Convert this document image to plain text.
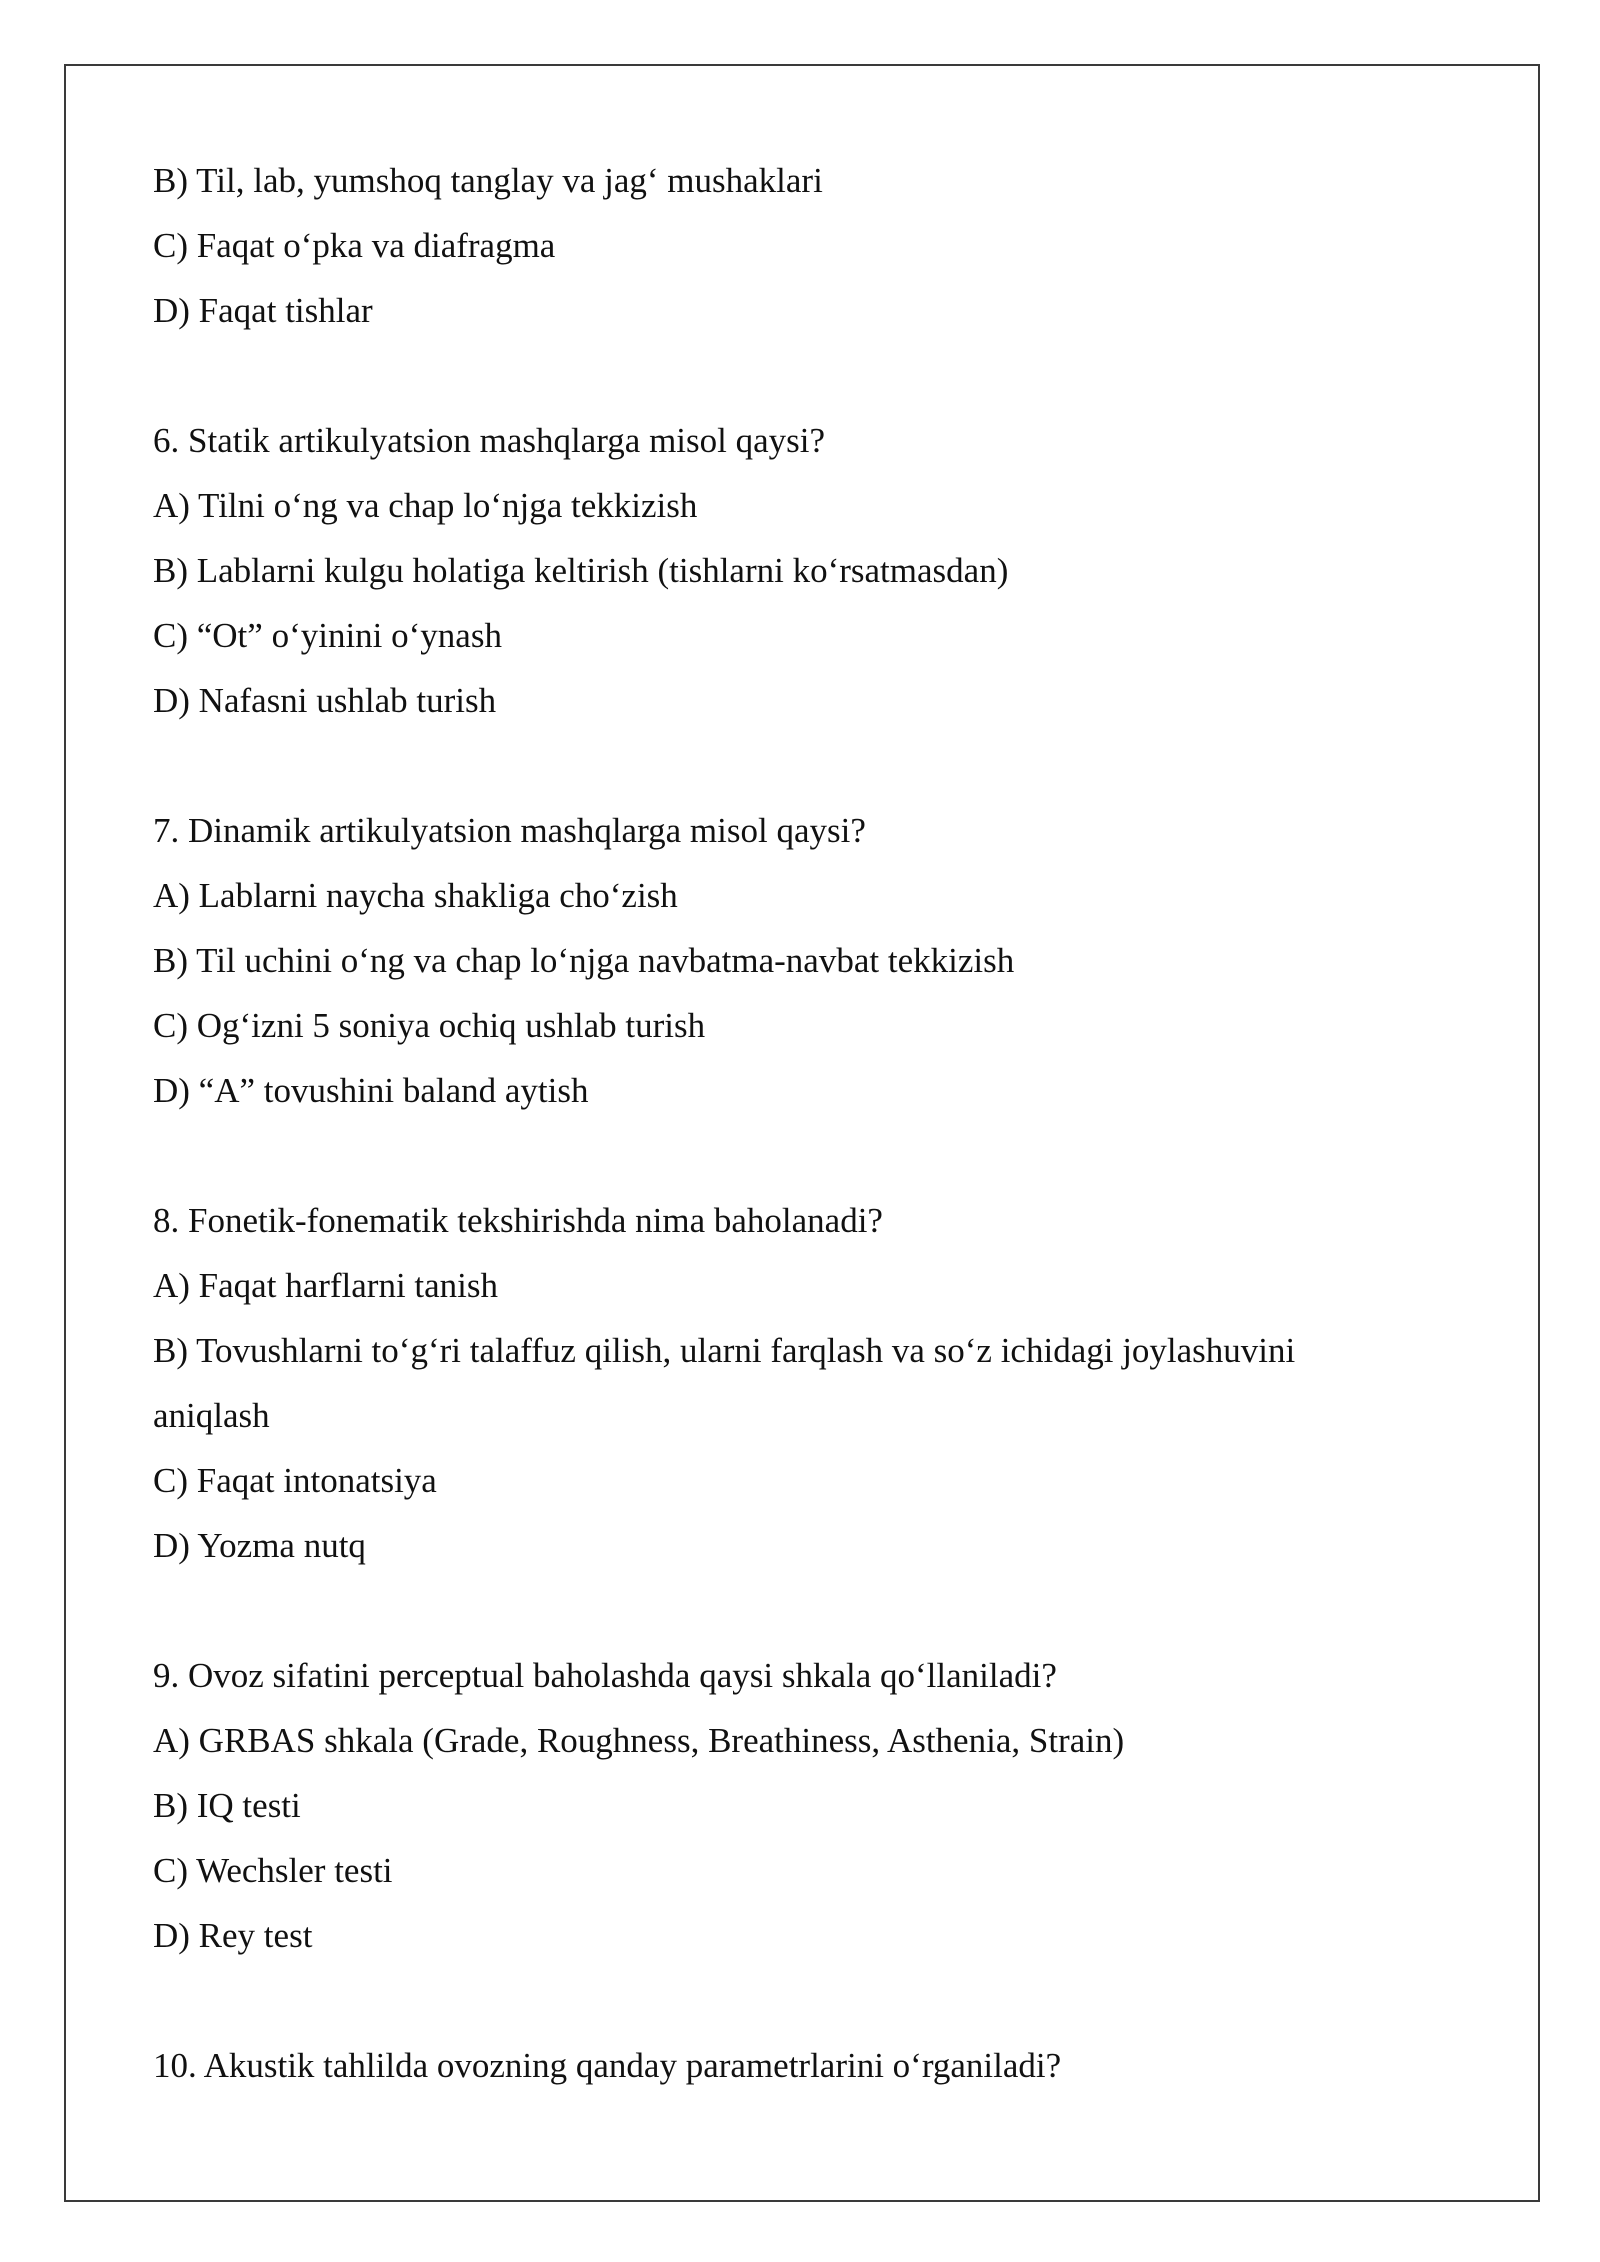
B) Til, lab, yumshoq tanglay va jag‘ mushaklari
C) Faqat o‘pka va diafragma
D) Faqat tishlar
6. Statik artikulyatsion mashqlarga misol qaysi?
A) Tilni o‘ng va chap lo‘njga tekkizish
B) Lablarni kulgu holatiga keltirish (tishlarni ko‘rsatmasdan)
C) “Ot” o‘yinini o‘ynash
D) Nafasni ushlab turish
7. Dinamik artikulyatsion mashqlarga misol qaysi?
A) Lablarni naycha shakliga cho‘zish
B) Til uchini o‘ng va chap lo‘njga navbatma-navbat tekkizish
C) Og‘izni 5 soniya ochiq ushlab turish
D) “A” tovushini baland aytish
8. Fonetik-fonematik tekshirishda nima baholanadi?
A) Faqat harflarni tanish
B) Tovushlarni to‘g‘ri talaffuz qilish, ularni farqlash va so‘z ichidagi joylashuvini
aniqlash
C) Faqat intonatsiya
D) Yozma nutq
9. Ovoz sifatini perceptual baholashda qaysi shkala qo‘llaniladi?
A) GRBAS shkala (Grade, Roughness, Breathiness, Asthenia, Strain)
B) IQ testi
C) Wechsler testi
D) Rey test
10. Akustik tahlilda ovozning qanday parametrlarini o‘rganiladi?
